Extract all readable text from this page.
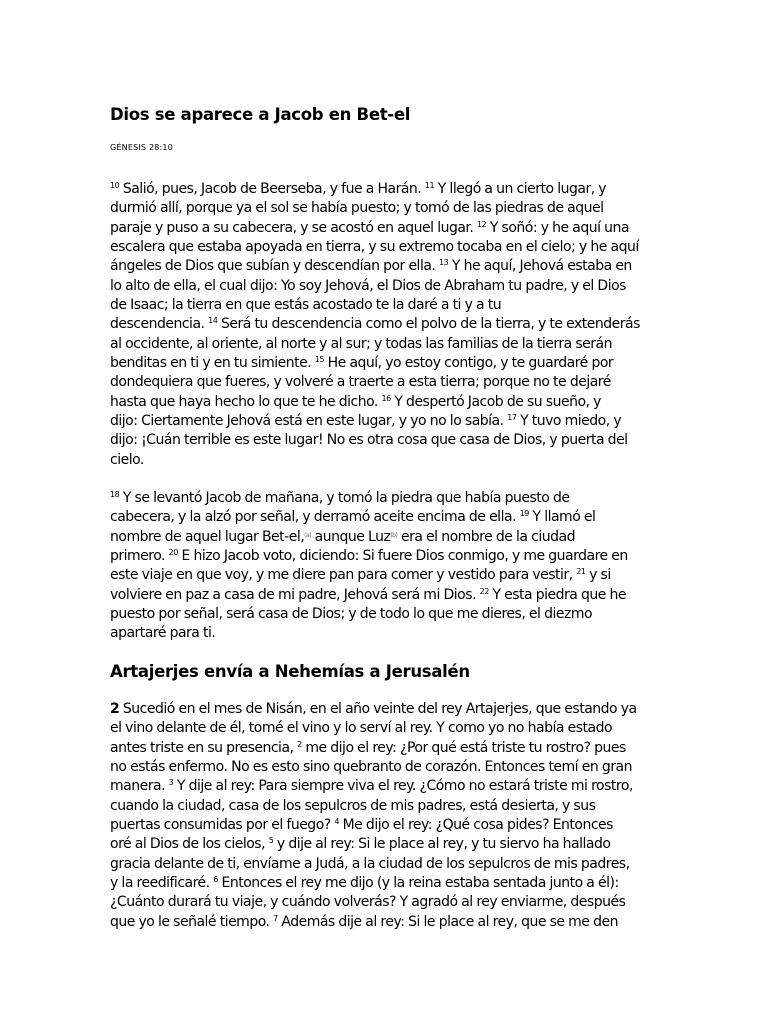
Dios se aparece a Jacob en Bet-el
GÉNESIS 28:10
$^{10}$ Salió, pues, Jacob de Beerseba, y fue a Harán. $^{11}$ Y llegó a un cierto lugar, y
durmió allí, porque ya el sol se había puesto; y tomó de las piedras de aquel
paraje y puso a su cabecera, y se acostó en aquel lugar. $^{12}$ Y soñó: y he aquí una
escalera que estaba apoyada en tierra, y su extremo tocaba en el cielo; y he aquí
ángeles de Dios que subían y descendían por ella. $^{13}$ Y he aquí, Jehová estaba en
lo alto de ella, el cual dijo: Yo soy Jehová, el Dios de Abraham tu padre, y el Dios
de Isaac; la tierra en que estás acostado te la daré a ti y a tu
descendencia. $^{14}$ Será tu descendencia como el polvo de la tierra, y te extenderás
al occidente, al oriente, al norte y al sur; y todas las familias de la tierra serán
benditas en ti y en tu simiente. $^{15}$ He aquí, yo estoy contigo, y te guardaré por
dondequiera que fueres, y volveré a traerte a esta tierra; porque no te dejaré
hasta que haya hecho lo que te he dicho. $^{16}$ Y despertó Jacob de su sueño, y
dijo: Ciertamente Jehová está en este lugar, y yo no lo sabía. $^{17}$ Y tuvo miedo, y
dijo: ¡Cuán terrible es este lugar! No es otra cosa que casa de Dios, y puerta del
cielo.
$^{18}$ Y se levantó Jacob de mañana, y tomó la piedra que había puesto de
cabecera, y la alzó por señal, y derramó aceite encima de ella. $^{19}$ Y llamó el
nombre de aquel lugar Bet-el,$^{(a)}$ aunque Luz$^{(b)}$ era el nombre de la ciudad
primero. $^{20}$ E hizo Jacob voto, diciendo: Si fuere Dios conmigo, y me guardare en
este viaje en que voy, y me diere pan para comer y vestido para vestir, $^{21}$ y si
volviere en paz a casa de mi padre, Jehová será mi Dios. $^{22}$ Y esta piedra que he
puesto por señal, será casa de Dios; y de todo lo que me dieres, el diezmo
apartaré para ti.
Artajerjes envía a Nehemías a Jerusalén
2 Sucedió en el mes de Nisán, en el año veinte del rey Artajerjes, que estando ya
el vino delante de él, tomé el vino y lo serví al rey. Y como yo no había estado
antes triste en su presencia, $^2$ me dijo el rey: ¿Por qué está triste tu rostro? pues
no estás enfermo. No es esto sino quebranto de corazón. Entonces temí en gran
manera. $^3$ Y dije al rey: Para siempre viva el rey. ¿Cómo no estará triste mi rostro,
cuando la ciudad, casa de los sepulcros de mis padres, está desierta, y sus
puertas consumidas por el fuego? $^4$ Me dijo el rey: ¿Qué cosa pides? Entonces
oré al Dios de los cielos, $^5$ y dije al rey: Si le place al rey, y tu siervo ha hallado
gracia delante de ti, envíame a Judá, a la ciudad de los sepulcros de mis padres,
y la reedificaré. $^6$ Entonces el rey me dijo (y la reina estaba sentada junto a él):
¿Cuánto durará tu viaje, y cuándo volverás? Y agradó al rey enviarme, después
que yo le señalé tiempo. $^7$ Además dije al rey: Si le place al rey, que se me den
